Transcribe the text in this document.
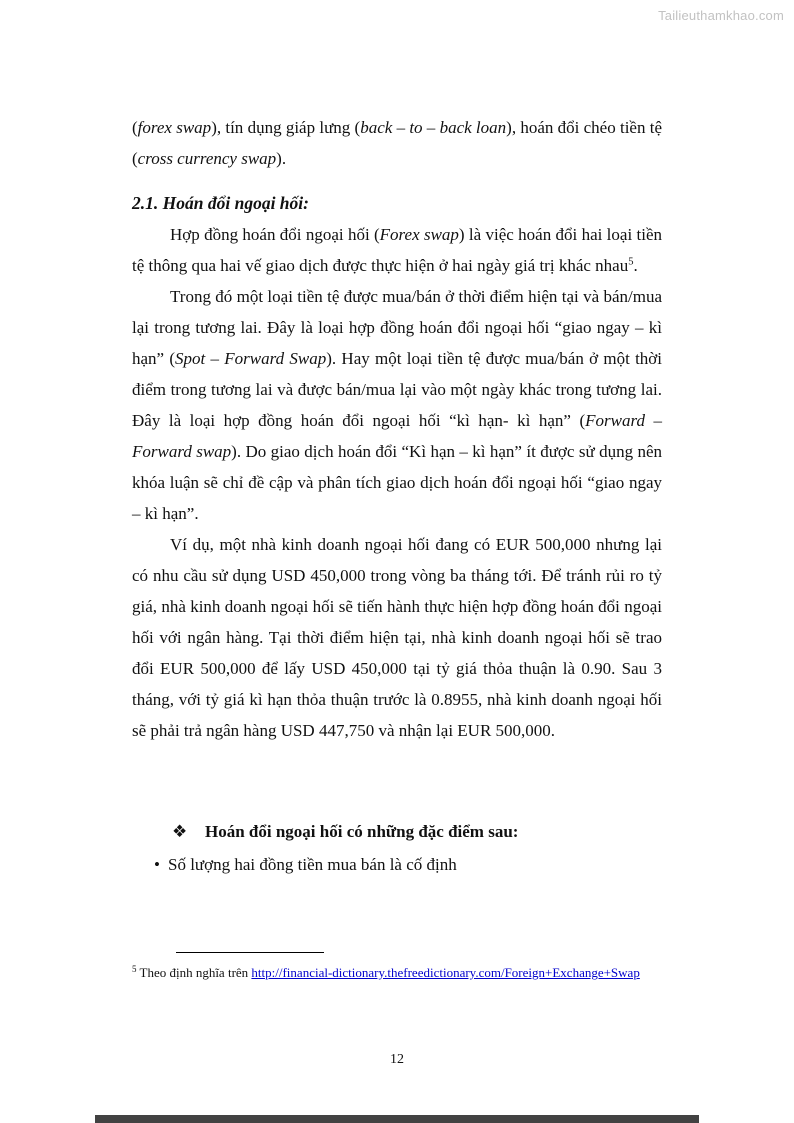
Tailieuthamkhao.com

(forex swap), tín dụng giáp lưng (back – to – back loan), hoán đổi chéo tiền tệ (cross currency swap).

2.1. Hoán đổi ngoại hối:

Hợp đồng hoán đổi ngoại hối (Forex swap) là việc hoán đổi hai loại tiền tệ thông qua hai vế giao dịch được thực hiện ở hai ngày giá trị khác nhau$^5$.

Trong đó một loại tiền tệ được mua/bán ở thời điểm hiện tại và bán/mua lại trong tương lai. Đây là loại hợp đồng hoán đổi ngoại hối “giao ngay – kì hạn” (Spot – Forward Swap). Hay một loại tiền tệ được mua/bán ở một thời điểm trong tương lai và được bán/mua lại vào một ngày khác trong tương lai. Đây là loại hợp đồng hoán đổi ngoại hối “kì hạn- kì hạn” (Forward – Forward swap). Do giao dịch hoán đổi “Kì hạn – kì hạn” ít được sử dụng nên khóa luận sẽ chỉ đề cập và phân tích giao dịch hoán đổi ngoại hối “giao ngay – kì hạn”.

Ví dụ, một nhà kinh doanh ngoại hối đang có EUR 500,000 nhưng lại có nhu cầu sử dụng USD 450,000 trong vòng ba tháng tới. Để tránh rủi ro tỷ giá, nhà kinh doanh ngoại hối sẽ tiến hành thực hiện hợp đồng hoán đổi ngoại hối với ngân hàng. Tại thời điểm hiện tại, nhà kinh doanh ngoại hối sẽ trao đổi EUR 500,000 để lấy USD 450,000 tại tỷ giá thỏa thuận là 0.90. Sau 3 tháng, với tỷ giá kì hạn thỏa thuận trước là 0.8955, nhà kinh doanh ngoại hối sẽ phải trả ngân hàng USD 447,750 và nhận lại EUR 500,000.

❖ Hoán đổi ngoại hối có những đặc điểm sau:
• Số lượng hai đồng tiền mua bán là cố định
$^5$ Theo định nghĩa trên http://financial-dictionary.thefreedictionary.com/Foreign+Exchange+Swap
12
